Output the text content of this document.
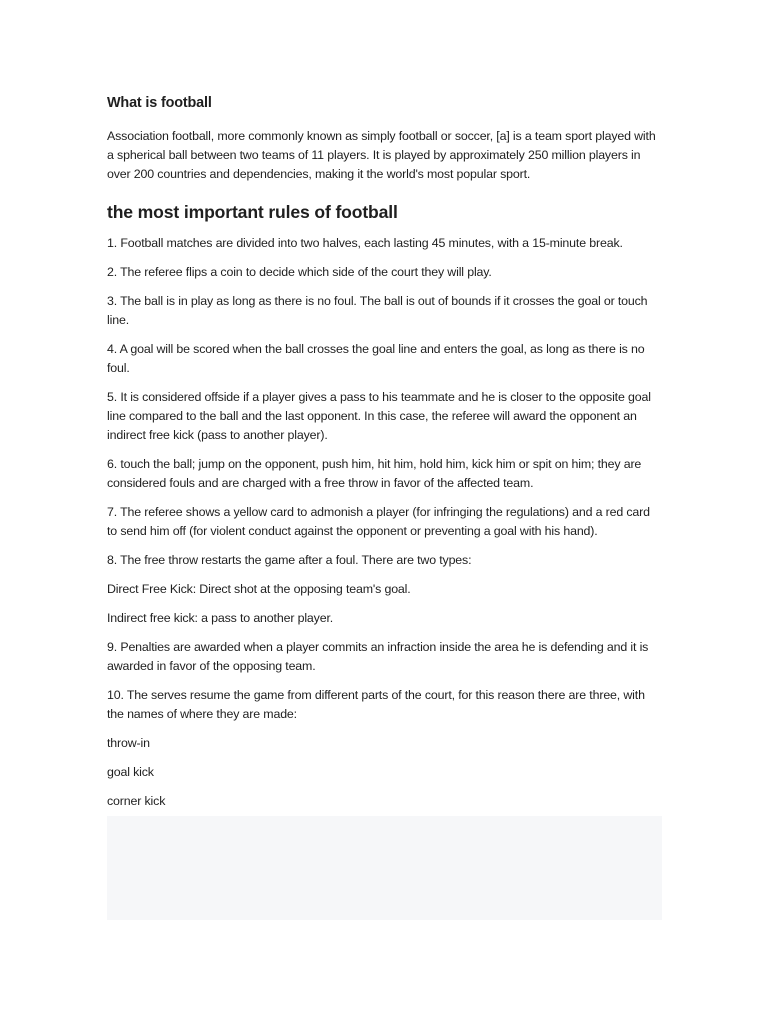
What is football

Association football, more commonly known as simply football or soccer, [a] is a team sport played with a spherical ball between two teams of 11 players. It is played by approximately 250 million players in over 200 countries and dependencies, making it the world's most popular sport.

the most important rules of football

1. Football matches are divided into two halves, each lasting 45 minutes, with a 15-minute break.

2. The referee flips a coin to decide which side of the court they will play.

3. The ball is in play as long as there is no foul. The ball is out of bounds if it crosses the goal or touch line.

4. A goal will be scored when the ball crosses the goal line and enters the goal, as long as there is no foul.

5. It is considered offside if a player gives a pass to his teammate and he is closer to the opposite goal line compared to the ball and the last opponent. In this case, the referee will award the opponent an indirect free kick (pass to another player).

6. touch the ball; jump on the opponent, push him, hit him, hold him, kick him or spit on him; they are considered fouls and are charged with a free throw in favor of the affected team.

7. The referee shows a yellow card to admonish a player (for infringing the regulations) and a red card to send him off (for violent conduct against the opponent or preventing a goal with his hand).

8. The free throw restarts the game after a foul. There are two types:

Direct Free Kick: Direct shot at the opposing team's goal.

Indirect free kick: a pass to another player.

9. Penalties are awarded when a player commits an infraction inside the area he is defending and it is awarded in favor of the opposing team.

10. The serves resume the game from different parts of the court, for this reason there are three, with the names of where they are made:

throw-in

goal kick

corner kick
